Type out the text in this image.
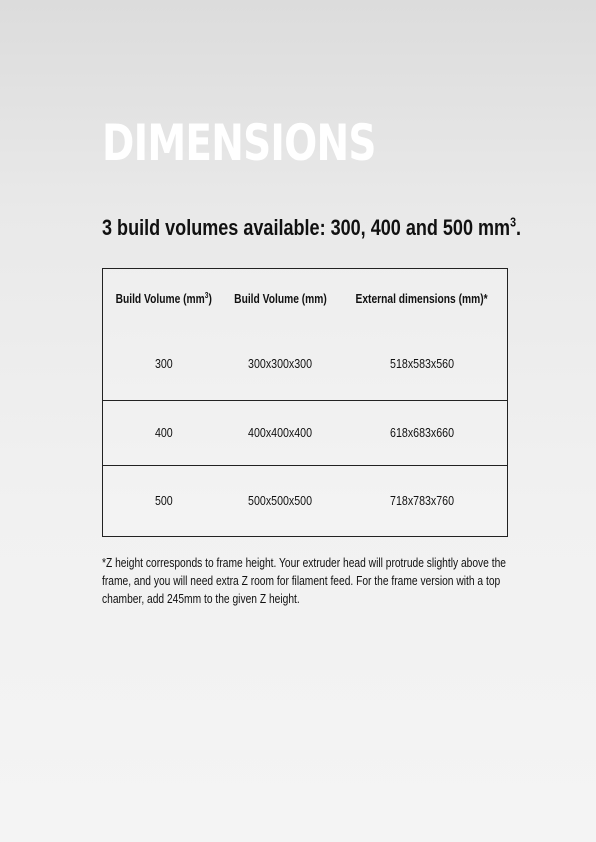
DIMENSIONS

3 build volumes available: 300, 400 and 500 $mm^3$.

Build Volume $(mm^3)$	Build Volume (mm)	External dimensions (mm)*
300	300x300x300	518x583x560
400	400x400x400	618x683x660
500	500x500x500	718x783x760

*Z height corresponds to frame height. Your extruder head will protrude slightly above the frame, and you will need extra Z room for filament feed. For the frame version with a top chamber, add 245mm to the given Z height.
